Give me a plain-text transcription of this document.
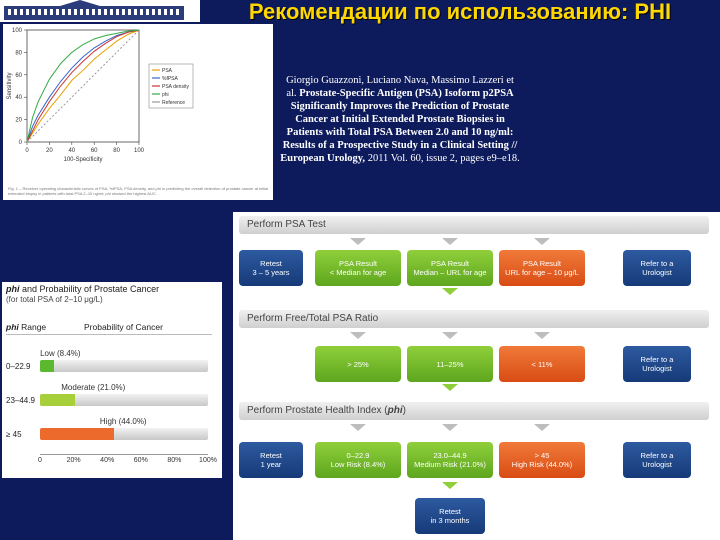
Рекомендации по использованию: PHI
0	20	40	60	80 100
0
20
40
60
80
100
100-Specificity
Sensitivity
PSA
%fPSA
PSA density
phi
Reference
Fig. 1 – Receiver operating characteristic curves of PSA, %fPSA, PSA density, and phi in predicting the overall detection of prostate cancer at initial extended biopsy in patients with total PSA 2–10 ng/ml; phi showed the highest AUC.
Giorgio Guazzoni, Luciano Nava, Massimo Lazzeri et al. Prostate-Specific Antigen (PSA) Isoform p2PSA Significantly Improves the Prediction of Prostate Cancer at Initial Extended Prostate Biopsies in Patients with Total PSA Between 2.0 and 10 ng/ml: Results of a Prospective Study in a Clinical Setting // European Urology, 2011 Vol. 60, issue 2, pages e9–e18.
phi and Probability of Prostate Cancer
(for total PSA of 2–10 μg/L)
phi Range	Probability of Cancer
0–22.9
Low (8.4%)
23–44.9
Moderate (21.0%)
≥ 45
High (44.0%)
0	20%	40%	60%	80%	100%
Perform PSA Test
Retest
3 – 5 years
PSA Result
< Median for age
PSA Result
Median – URL for age
PSA Result
URL for age – 10 μg/L
Refer to a
Urologist
Perform Free/Total PSA Ratio
> 25%	11–25%	< 11%	Refer to a
Urologist
Perform Prostate Health Index (phi)
Retest
1 year
0–22.9
Low Risk (8.4%)
23.0–44.9
Medium Risk (21.0%)
> 45
High Risk (44.0%)
Refer to a
Urologist
Retest
in 3 months
